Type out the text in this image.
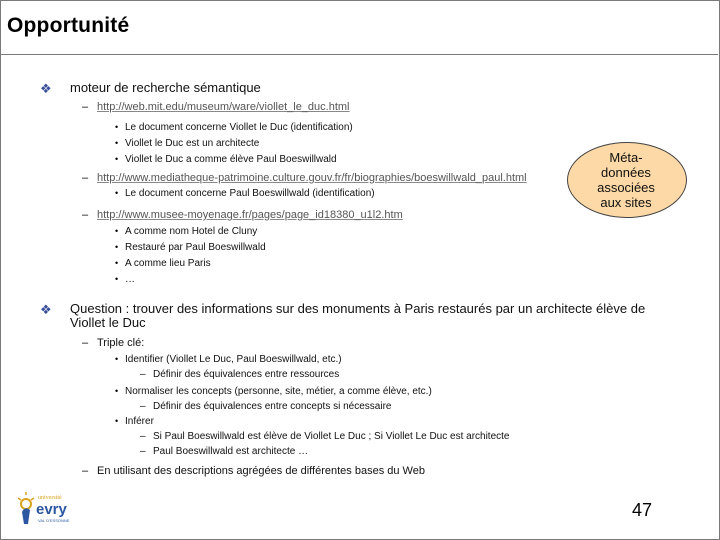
Opportunité
❖ moteur de recherche sémantique
– http://web.mit.edu/museum/ware/viollet_le_duc.html
• Le document concerne Viollet le Duc (identification)
• Viollet le Duc est un architecte
• Viollet le Duc a comme élève Paul Boeswillwald
– http://www.mediatheque-patrimoine.culture.gouv.fr/fr/biographies/boeswillwald_paul.html
• Le document concerne Paul Boeswillwald (identification)
– http://www.musee-moyenage.fr/pages/page_id18380_u1l2.htm
• A comme nom Hotel de Cluny
• Restauré par Paul Boeswillwald
• A comme lieu Paris
• …
Méta-
données
associées
aux sites
❖ Question : trouver des informations sur des monuments à Paris restaurés par un architecte élève de
Viollet le Duc
– Triple clé:
• Identifier (Viollet Le Duc, Paul Boeswillwald, etc.)
– Définir des équivalences entre ressources
• Normaliser les concepts (personne, site, métier, a comme élève, etc.)
– Définir des équivalences entre concepts si nécessaire
• Inférer
– Si Paul Boeswillwald est élève de Viollet Le Duc ; Si Viollet Le Duc est architecte
– Paul Boeswillwald est architecte …
– En utilisant des descriptions agrégées de différentes bases du Web
université
evry
VAL D'ESSONNE
47
